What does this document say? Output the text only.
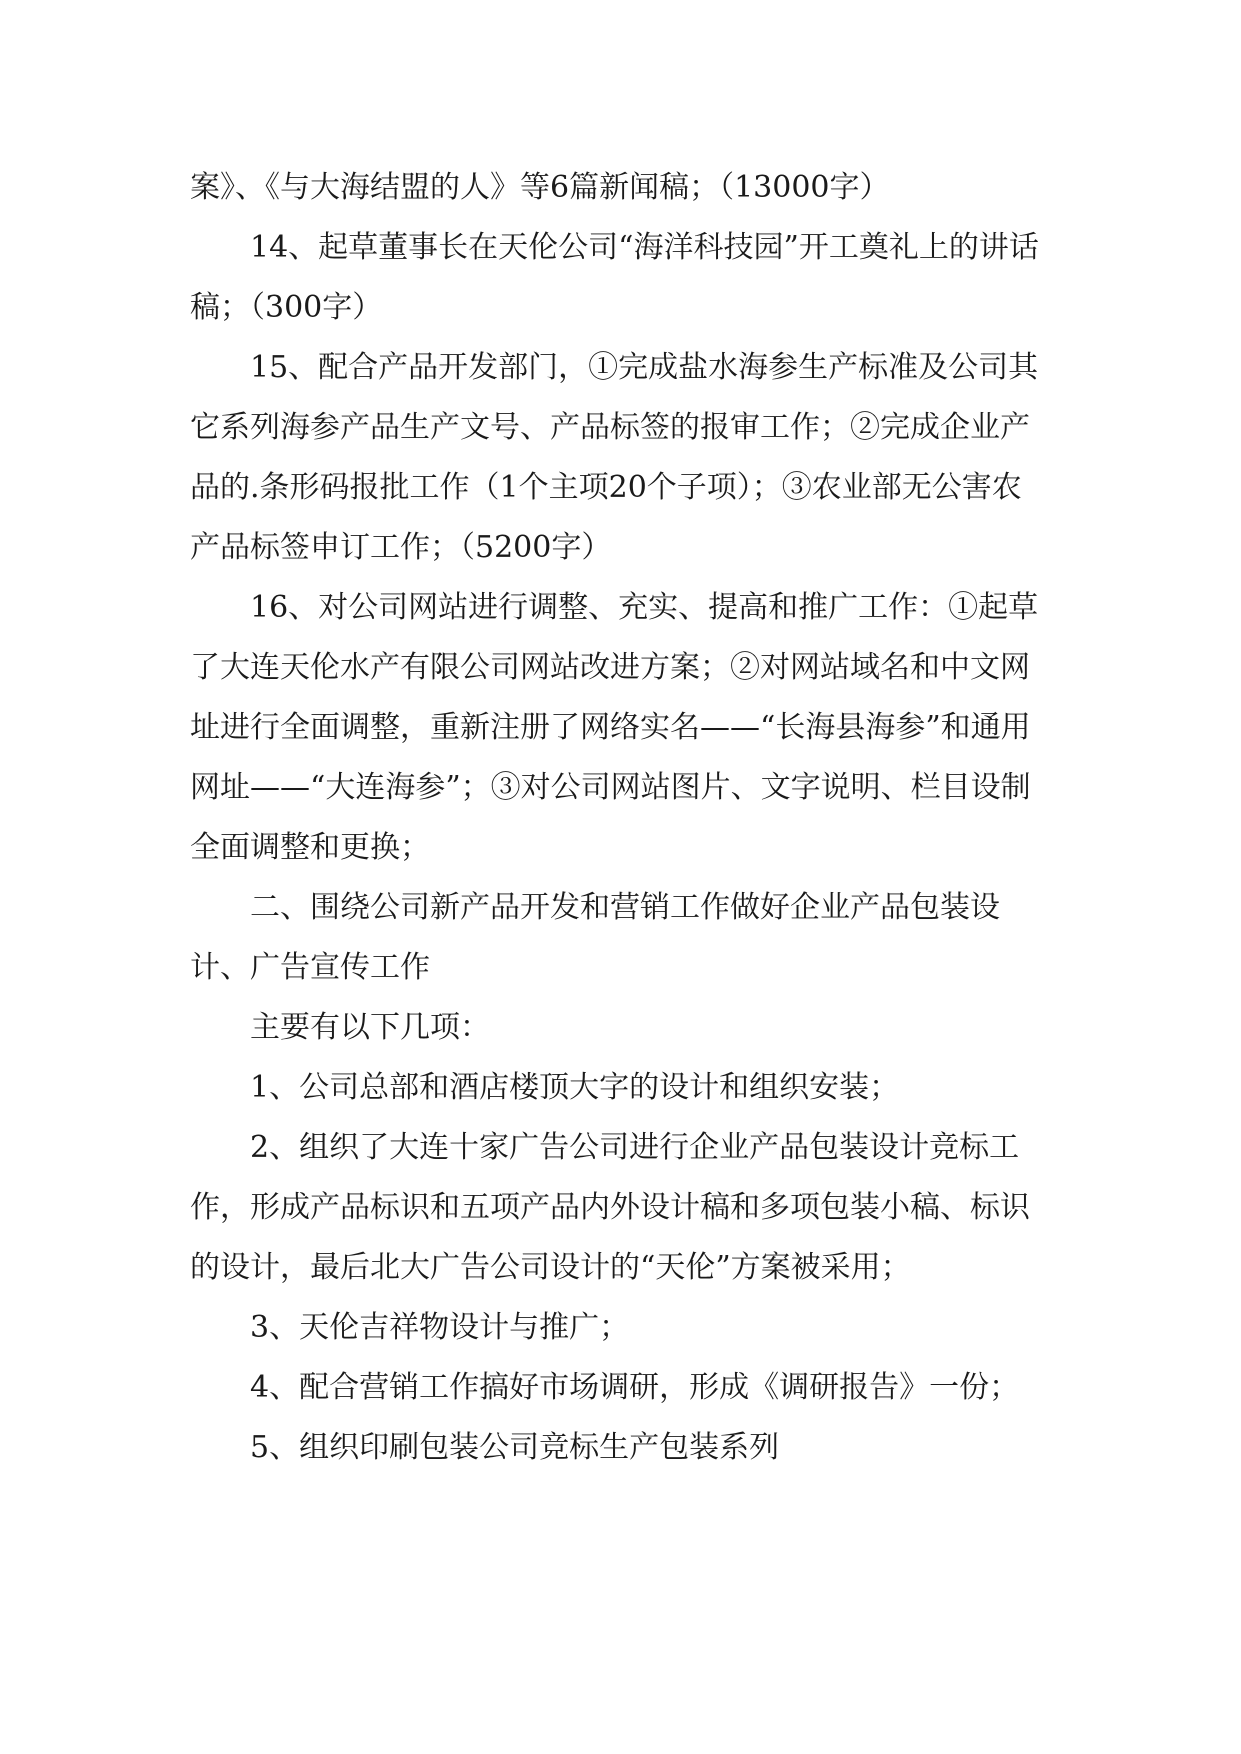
案》、《与大海结盟的人》等6篇新闻稿；（13000字）

14、起草董事长在天伦公司“海洋科技园”开工奠礼上的讲话稿；（300字）

15、配合产品开发部门，①完成盐水海参生产标准及公司其它系列海参产品生产文号、产品标签的报审工作；②完成企业产品的.条形码报批工作（1个主项20个子项）；③农业部无公害农产品标签申订工作；（5200字）

16、对公司网站进行调整、充实、提高和推广工作：①起草了大连天伦水产有限公司网站改进方案；②对网站域名和中文网址进行全面调整，重新注册了网络实名——“长海县海参”和通用网址——“大连海参”；③对公司网站图片、文字说明、栏目设制全面调整和更换；

二、围绕公司新产品开发和营销工作做好企业产品包装设计、广告宣传工作

主要有以下几项：

1、公司总部和酒店楼顶大字的设计和组织安装；

2、组织了大连十家广告公司进行企业产品包装设计竞标工作，形成产品标识和五项产品内外设计稿和多项包装小稿、标识的设计，最后北大广告公司设计的“天伦”方案被采用；

3、天伦吉祥物设计与推广；

4、配合营销工作搞好市场调研，形成《调研报告》一份；

5、组织印刷包装公司竞标生产包装系列
